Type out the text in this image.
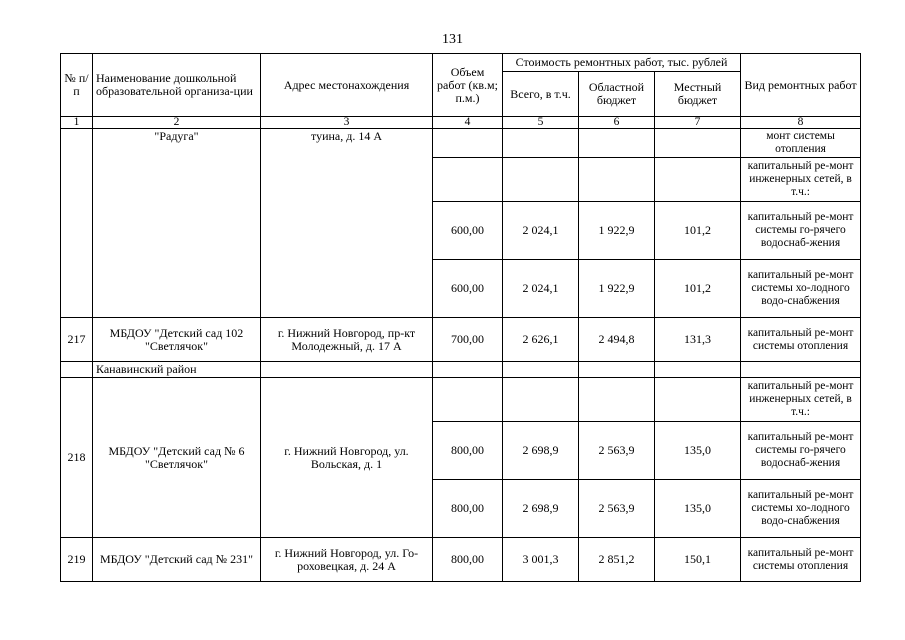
131
№ п/п	Наименование дошкольной образовательной организа-ции	Адрес местонахождения	Объем работ (кв.м; п.м.)	Стоимость ремонтных работ, тыс. рублей			Вид ремонтных работ
				Всего, в т.ч.	Областной бюджет	Местный бюджет	
1	2	3	4	5	6	7	8
	"Радуга"	туина, д. 14 А					монт системы отопления
							капитальный ре-монт инженерных сетей, в т.ч.:
			600,00	2 024,1	1 922,9	101,2	капитальный ре-монт системы го-рячего водоснаб-жения
			600,00	2 024,1	1 922,9	101,2	капитальный ре-монт системы хо-лодного водо-снабжения
217	МБДОУ "Детский сад 102 "Светлячок"	г. Нижний Новгород, пр-кт Молодежный, д. 17 А	700,00	2 626,1	2 494,8	131,3	капитальный ре-монт системы отопления
	Канавинский район						
218	МБДОУ "Детский сад № 6 "Светлячок"	г. Нижний Новгород, ул. Вольская, д. 1					капитальный ре-монт инженерных сетей, в т.ч.:
			800,00	2 698,9	2 563,9	135,0	капитальный ре-монт системы го-рячего водоснаб-жения
			800,00	2 698,9	2 563,9	135,0	капитальный ре-монт системы хо-лодного водо-снабжения
219	МБДОУ "Детский сад № 231"	г. Нижний Новгород, ул. Го-роховецкая, д. 24 А	800,00	3 001,3	2 851,2	150,1	капитальный ре-монт системы отопления
